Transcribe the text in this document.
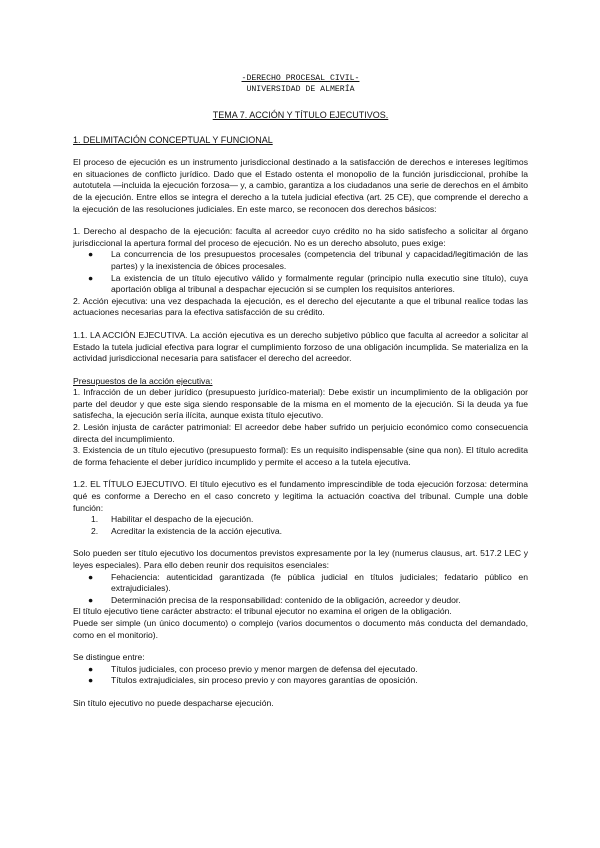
-DERECHO PROCESAL CIVIL-
UNIVERSIDAD DE ALMERÍA
TEMA 7. ACCIÓN Y TÍTULO EJECUTIVOS.
1. DELIMITACIÓN CONCEPTUAL Y FUNCIONAL

El proceso de ejecución es un instrumento jurisdiccional destinado a la satisfacción de derechos e intereses legítimos en situaciones de conflicto jurídico. Dado que el Estado ostenta el monopolio de la función jurisdiccional, prohíbe la autotutela —incluida la ejecución forzosa— y, a cambio, garantiza a los ciudadanos una serie de derechos en el ámbito de la ejecución. Entre ellos se integra el derecho a la tutela judicial efectiva (art. 25 CE), que comprende el derecho a la ejecución de las resoluciones judiciales. En este marco, se reconocen dos derechos básicos:

1. Derecho al despacho de la ejecución: faculta al acreedor cuyo crédito no ha sido satisfecho a solicitar al órgano jurisdiccional la apertura formal del proceso de ejecución. No es un derecho absoluto, pues exige:

● La concurrencia de los presupuestos procesales (competencia del tribunal y capacidad/legitimación de las partes) y la inexistencia de óbices procesales.
● La existencia de un título ejecutivo válido y formalmente regular (principio nulla executio sine título), cuya aportación obliga al tribunal a despachar ejecución si se cumplen los requisitos anteriores.

2. Acción ejecutiva: una vez despachada la ejecución, es el derecho del ejecutante a que el tribunal realice todas las actuaciones necesarias para la efectiva satisfacción de su crédito.

1.1. LA ACCIÓN EJECUTIVA. La acción ejecutiva es un derecho subjetivo público que faculta al acreedor a solicitar al Estado la tutela judicial efectiva para lograr el cumplimiento forzoso de una obligación incumplida. Se materializa en la actividad jurisdiccional necesaria para satisfacer el derecho del acreedor.

Presupuestos de la acción ejecutiva:

1. Infracción de un deber jurídico (presupuesto jurídico-material): Debe existir un incumplimiento de la obligación por parte del deudor y que este siga siendo responsable de la misma en el momento de la ejecución. Si la deuda ya fue satisfecha, la ejecución sería ilícita, aunque exista título ejecutivo.

2. Lesión injusta de carácter patrimonial: El acreedor debe haber sufrido un perjuicio económico como consecuencia directa del incumplimiento.

3. Existencia de un título ejecutivo (presupuesto formal): Es un requisito indispensable (sine qua non). El título acredita de forma fehaciente el deber jurídico incumplido y permite el acceso a la tutela ejecutiva.

1.2. EL TÍTULO EJECUTIVO. El título ejecutivo es el fundamento imprescindible de toda ejecución forzosa: determina qué es conforme a Derecho en el caso concreto y legitima la actuación coactiva del tribunal. Cumple una doble función:

1. Habilitar el despacho de la ejecución.
2. Acreditar la existencia de la acción ejecutiva.

Solo pueden ser título ejecutivo los documentos previstos expresamente por la ley (numerus clausus, art. 517.2 LEC y leyes especiales). Para ello deben reunir dos requisitos esenciales:

● Fehaciencia: autenticidad garantizada (fe pública judicial en títulos judiciales; fedatario público en extrajudiciales).
● Determinación precisa de la responsabilidad: contenido de la obligación, acreedor y deudor.

El título ejecutivo tiene carácter abstracto: el tribunal ejecutor no examina el origen de la obligación.

Puede ser simple (un único documento) o complejo (varios documentos o documento más conducta del demandado, como en el monitorio).

Se distingue entre:

● Títulos judiciales, con proceso previo y menor margen de defensa del ejecutado.
● Títulos extrajudiciales, sin proceso previo y con mayores garantías de oposición.

Sin título ejecutivo no puede despacharse ejecución.
